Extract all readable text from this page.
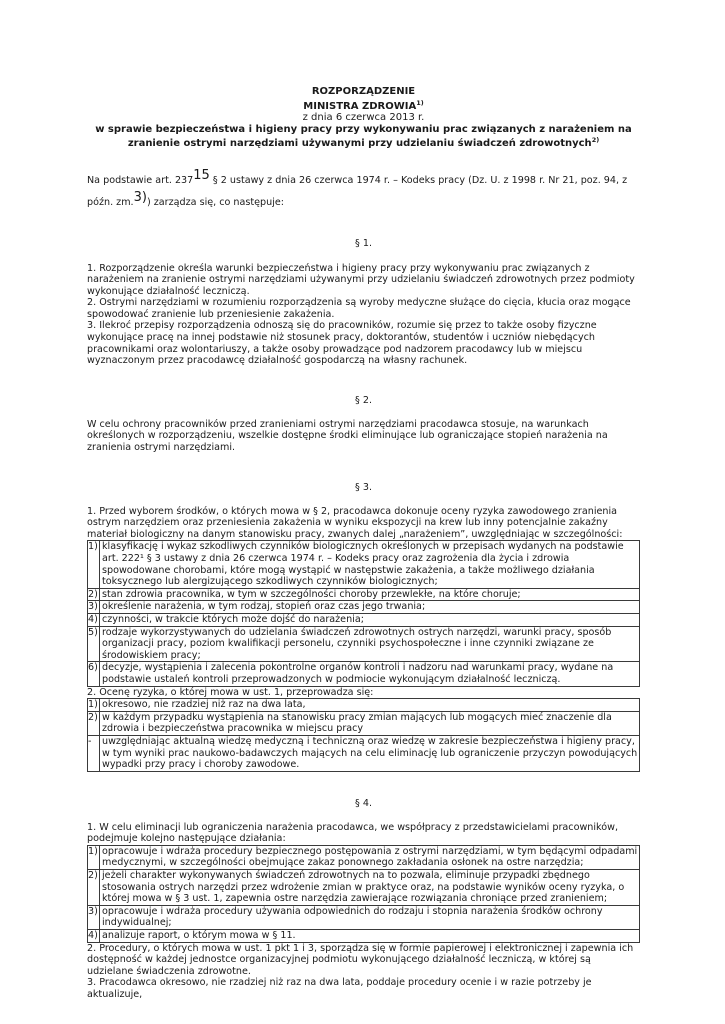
ROZPORZĄDZENIE
MINISTRA ZDROWIA$^{1)}$
z dnia 6 czerwca 2013 r.
w sprawie bezpieczeństwa i higieny pracy przy wykonywaniu prac związanych z narażeniem na zranienie ostrymi narzędziami używanymi przy udzielaniu świadczeń zdrowotnych$^{2)}$

Na podstawie art. 23715 § 2 ustawy z dnia 26 czerwca 1974 r. – Kodeks pracy (Dz. U. z 1998 r. Nr 21, poz. 94, z późn. zm.3)) zarządza się, co następuje:

§ 1.

1. Rozporządzenie określa warunki bezpieczeństwa i higieny pracy przy wykonywaniu prac związanych z narażeniem na zranienie ostrymi narzędziami używanymi przy udzielaniu świadczeń zdrowotnych przez podmioty wykonujące działalność leczniczą.

2. Ostrymi narzędziami w rozumieniu rozporządzenia są wyroby medyczne służące do cięcia, kłucia oraz mogące spowodować zranienie lub przeniesienie zakażenia.

3. Ilekroć przepisy rozporządzenia odnoszą się do pracowników, rozumie się przez to także osoby fizyczne wykonujące pracę na innej podstawie niż stosunek pracy, doktorantów, studentów i uczniów niebędących pracownikami oraz wolontariuszy, a także osoby prowadzące pod nadzorem pracodawcy lub w miejscu wyznaczonym przez pracodawcę działalność gospodarczą na własny rachunek.

§ 2.

W celu ochrony pracowników przed zranieniami ostrymi narzędziami pracodawca stosuje, na warunkach określonych w rozporządzeniu, wszelkie dostępne środki eliminujące lub ograniczające stopień narażenia na zranienia ostrymi narzędziami.

§ 3.

1. Przed wyborem środków, o których mowa w § 2, pracodawca dokonuje oceny ryzyka zawodowego zranienia ostrym narzędziem oraz przeniesienia zakażenia w wyniku ekspozycji na krew lub inny potencjalnie zakaźny materiał biologiczny na danym stanowisku pracy, zwanych dalej „narażeniem”, uwzględniając w szczególności:

1) klasyfikację i wykaz szkodliwych czynników biologicznych określonych w przepisach wydanych na podstawie art. 222¹ § 3 ustawy z dnia 26 czerwca 1974 r. – Kodeks pracy oraz zagrożenia dla życia i zdrowia spowodowane chorobami, które mogą wystąpić w następstwie zakażenia, a także możliwego działania toksycznego lub alergizującego szkodliwych czynników biologicznych;
2) stan zdrowia pracownika, w tym w szczególności choroby przewlekłe, na które choruje;
3) określenie narażenia, w tym rodzaj, stopień oraz czas jego trwania;
4) czynności, w trakcie których może dojść do narażenia;
5) rodzaje wykorzystywanych do udzielania świadczeń zdrowotnych ostrych narzędzi, warunki pracy, sposób organizacji pracy, poziom kwalifikacji personelu, czynniki psychospołeczne i inne czynniki związane ze środowiskiem pracy;
6) decyzje, wystąpienia i zalecenia pokontrolne organów kontroli i nadzoru nad warunkami pracy, wydane na podstawie ustaleń kontroli przeprowadzonych w podmiocie wykonującym działalność leczniczą.

2. Ocenę ryzyka, o której mowa w ust. 1, przeprowadza się:

1) okresowo, nie rzadziej niż raz na dwa lata,
2) w każdym przypadku wystąpienia na stanowisku pracy zmian mających lub mogących mieć znaczenie dla zdrowia i bezpieczeństwa pracownika w miejscu pracy
-	uwzględniając aktualną wiedzę medyczną i techniczną oraz wiedzę w zakresie bezpieczeństwa i higieny pracy, w tym wyniki prac naukowo-badawczych mających na celu eliminację lub ograniczenie przyczyn powodujących wypadki przy pracy i choroby zawodowe.
§ 4.

1. W celu eliminacji lub ograniczenia narażenia pracodawca, we współpracy z przedstawicielami pracowników, podejmuje kolejno następujące działania:

1) opracowuje i wdraża procedury bezpiecznego postępowania z ostrymi narzędziami, w tym będącymi odpadami medycznymi, w szczególności obejmujące zakaz ponownego zakładania osłonek na ostre narzędzia;
2) jeżeli charakter wykonywanych świadczeń zdrowotnych na to pozwala, eliminuje przypadki zbędnego stosowania ostrych narzędzi przez wdrożenie zmian w praktyce oraz, na podstawie wyników oceny ryzyka, o której mowa w § 3 ust. 1, zapewnia ostre narzędzia zawierające rozwiązania chroniące przed zranieniem;
3) opracowuje i wdraża procedury używania odpowiednich do rodzaju i stopnia narażenia środków ochrony indywidualnej;
4) analizuje raport, o którym mowa w § 11.

2. Procedury, o których mowa w ust. 1 pkt 1 i 3, sporządza się w formie papierowej i elektronicznej i zapewnia ich dostępność w każdej jednostce organizacyjnej podmiotu wykonującego działalność leczniczą, w której są udzielane świadczenia zdrowotne.

3. Pracodawca okresowo, nie rzadziej niż raz na dwa lata, poddaje procedury ocenie i w razie potrzeby je aktualizuje,
